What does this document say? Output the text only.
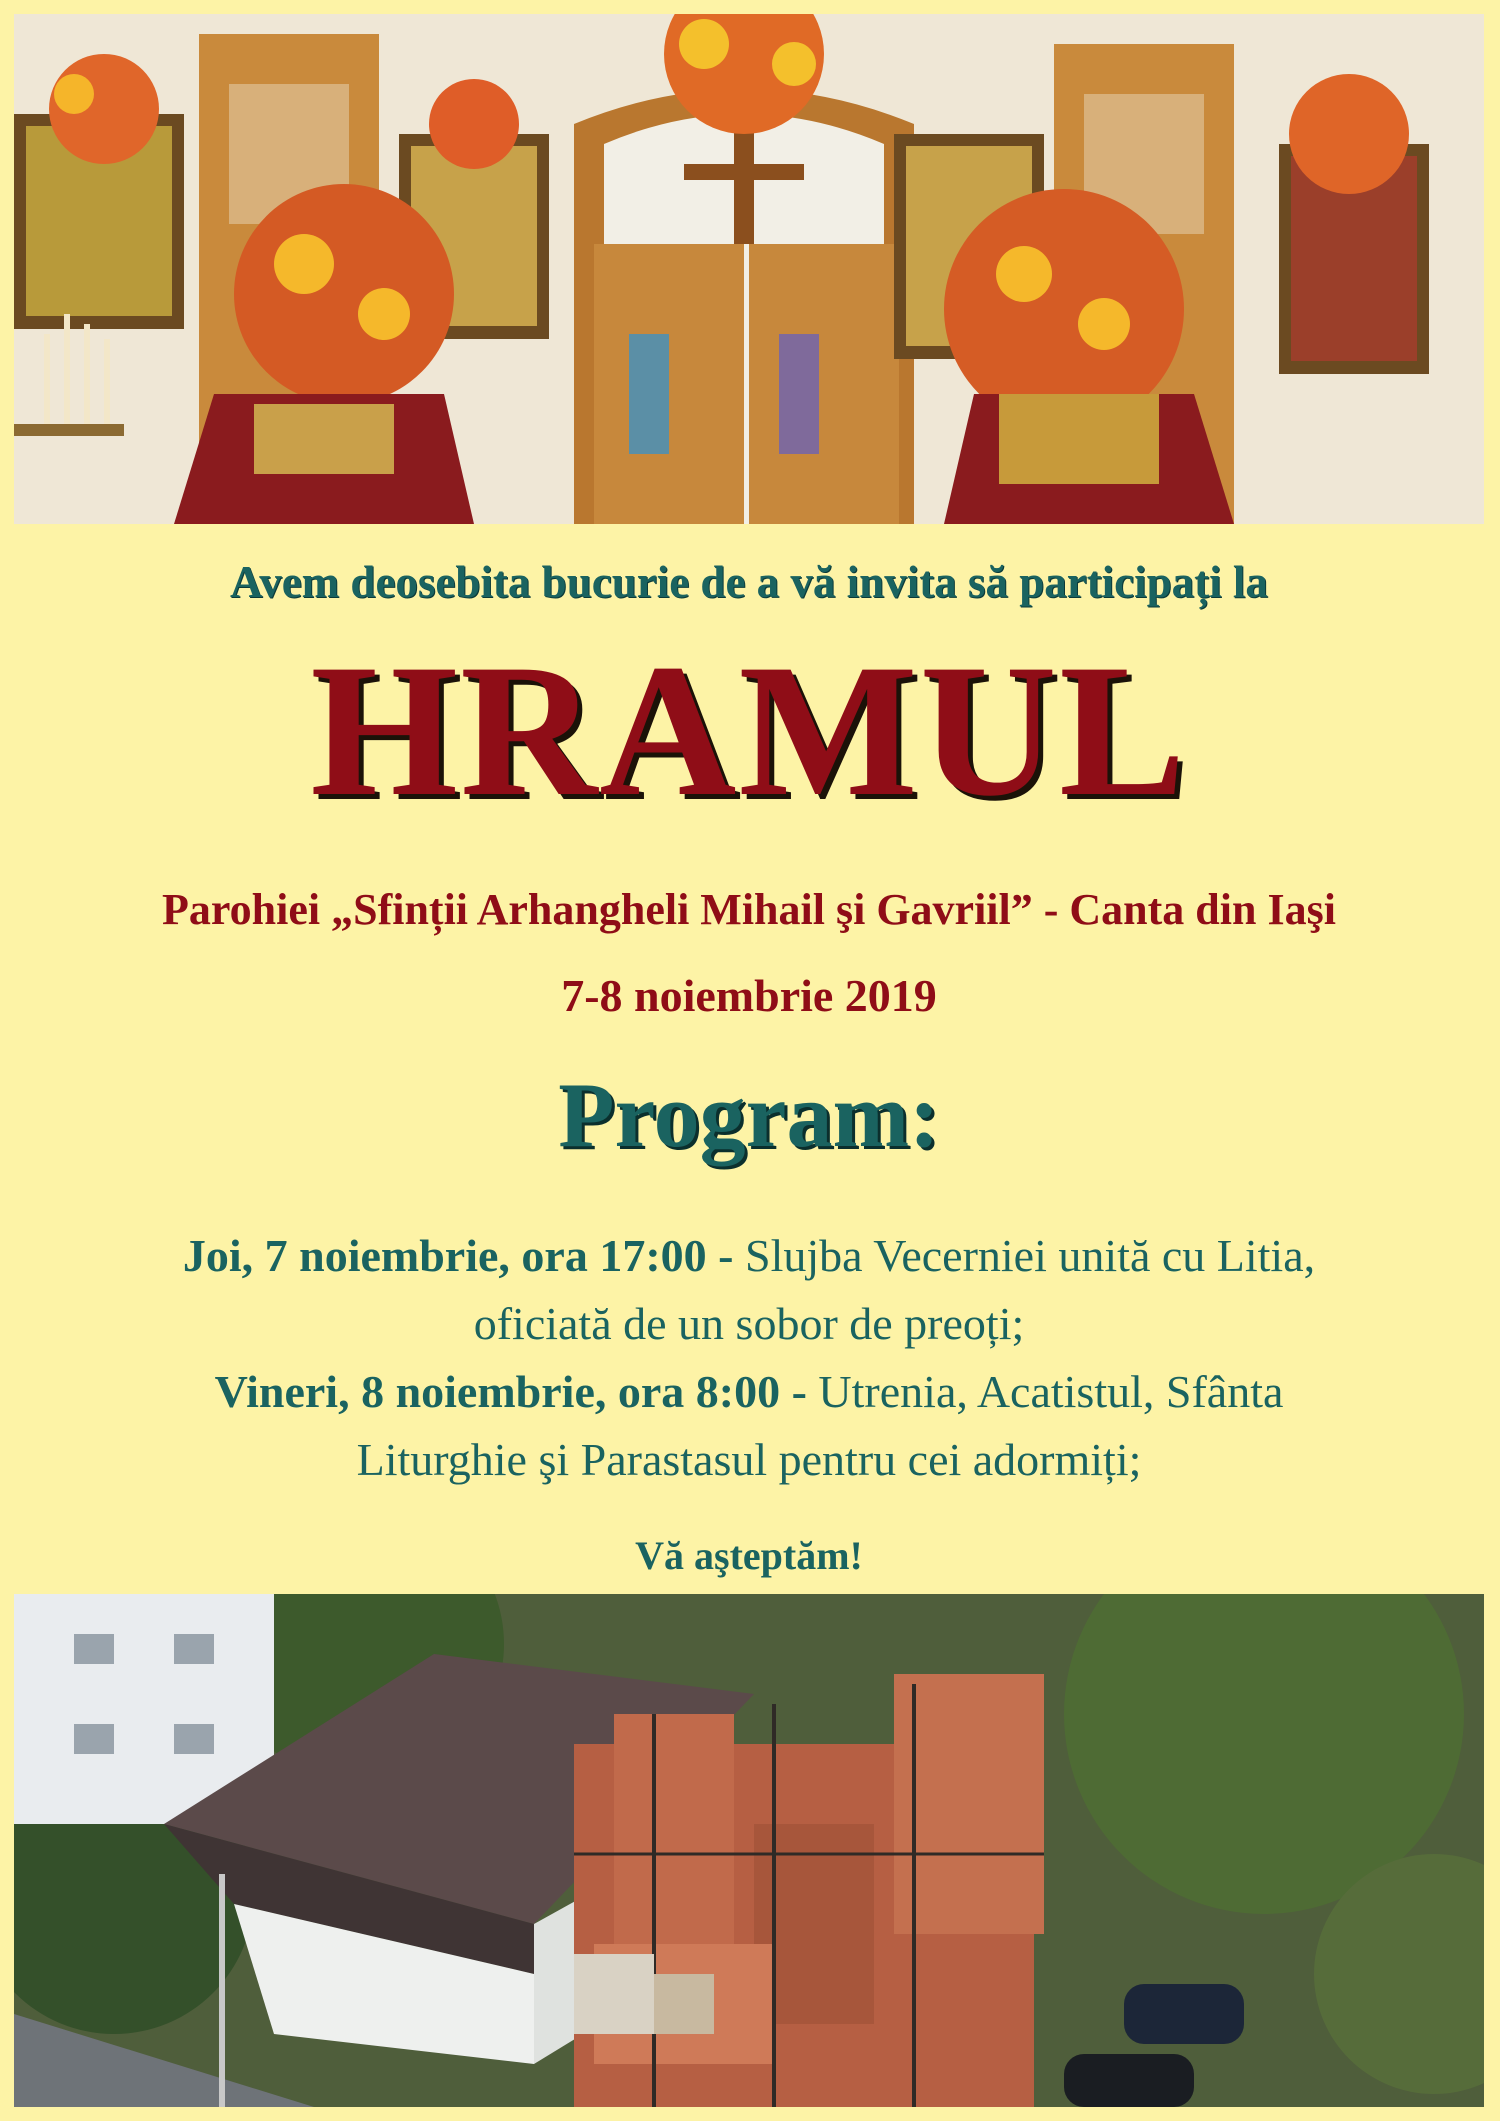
Avem deosebita bucurie de a vă invita să participați la
HRAMUL
Parohiei „Sfinții Arhangheli Mihail şi Gavriil” - Canta din Iaşi
7-8 noiembrie 2019
Program:
Joi, 7 noiembrie, ora 17:00 - Slujba Vecerniei unită cu Litia,
oficiată de un sobor de preoți;
Vineri, 8 noiembrie, ora 8:00 - Utrenia, Acatistul, Sfânta
Liturghie şi Parastasul pentru cei adormiți;
Vă aşteptăm!
